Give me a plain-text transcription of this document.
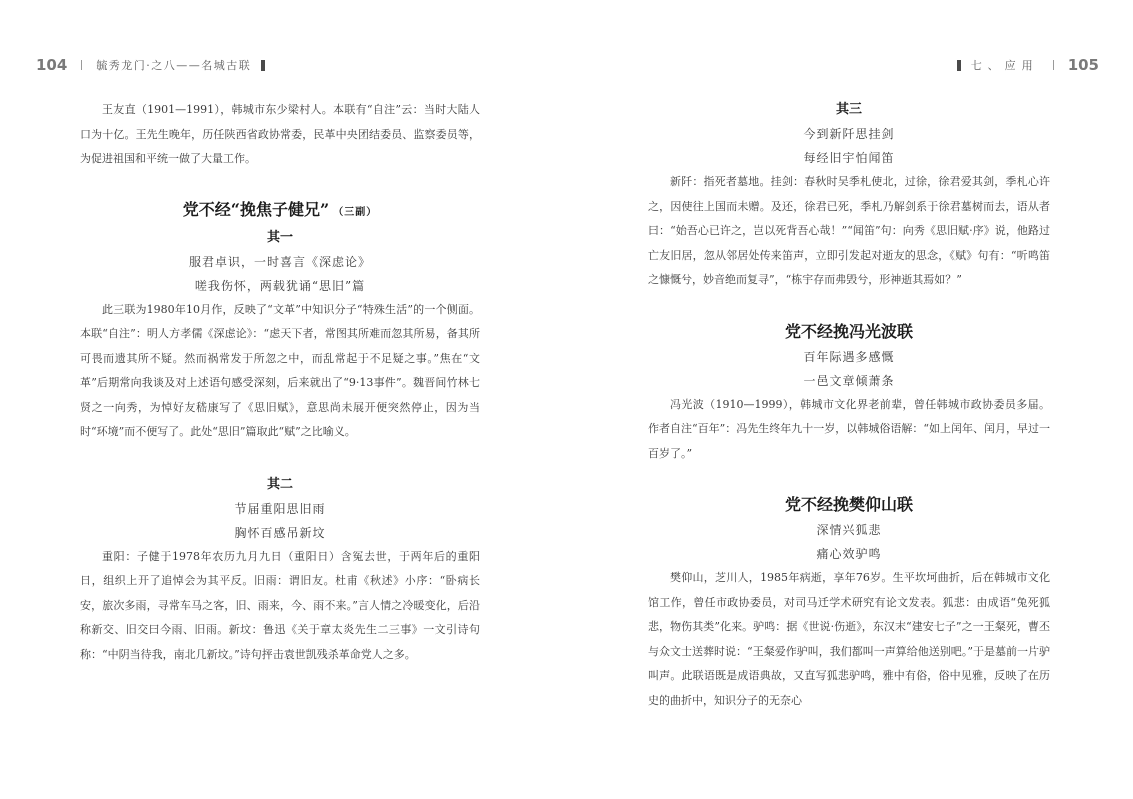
104	毓秀龙门·之八——名城古联

王友直（1901—1991），韩城市东少梁村人。本联有“自注”云：当时大陆人口为十亿。王先生晚年，历任陕西省政协常委，民革中央团结委员、监察委员等，为促进祖国和平统一做了大量工作。

党不经“挽焦子健兄” （三副）
其一
服君卓识，一时喜言《深虑论》
嗟我伤怀，两载犹诵“思旧”篇

此三联为1980年10月作，反映了“文革”中知识分子“特殊生活”的一个侧面。本联“自注”：明人方孝儒《深虑论》：“虑天下者，常图其所难而忽其所易，备其所可畏而遗其所不疑。然而祸常发于所忽之中，而乱常起于不足疑之事。”焦在“文革”后期常向我谈及对上述语句感受深刻，后来就出了“9·13事件”。魏晋间竹林七贤之一向秀，为悼好友嵇康写了《思旧赋》，意思尚未展开便突然停止，因为当时“环境”而不便写了。此处“思旧”篇取此“赋”之比喻义。

其二
节届重阳思旧雨
胸怀百感吊新坟

重阳：子健于1978年农历九月九日（重阳日）含冤去世，于两年后的重阳日，组织上开了追悼会为其平反。旧雨：谓旧友。杜甫《秋述》小序：“卧病长安，旅次多雨，寻常车马之客，旧、雨来，今、雨不来。”言人情之冷暖变化，后沿称新交、旧交曰今雨、旧雨。新坟：鲁迅《关于章太炎先生二三事》一文引诗句称：“中阴当待我，南北几新坟。”诗句抨击袁世凯残杀革命党人之多。

七、应用 105
其三
今到新阡思挂剑
每经旧宇怕闻笛

新阡：指死者墓地。挂剑：春秋时吴季札使北，过徐，徐君爱其剑，季札心许之，因使往上国而未赠。及还，徐君已死，季札乃解剑系于徐君墓树而去，语从者曰：“始吾心已许之，岂以死背吾心哉！”“闻笛”句：向秀《思旧赋·序》说，他路过亡友旧居，忽从邻居处传来笛声，立即引发起对逝友的思念，《赋》句有：“听鸣笛之慷慨兮，妙音绝而复寻”，“栋宇存而弗毁兮，形神逝其焉如？”

党不经挽冯光波联
百年际遇多感慨
一邑文章倾萧条

冯光波（1910—1999），韩城市文化界老前辈，曾任韩城市政协委员多届。作者自注“百年”：冯先生终年九十一岁，以韩城俗语解：“如上闰年、闰月，早过一百岁了。”

党不经挽樊仰山联
深情兴狐悲
痛心效驴鸣

樊仰山，芝川人，1985年病逝，享年76岁。生平坎坷曲折，后在韩城市文化馆工作，曾任市政协委员，对司马迁学术研究有论文发表。狐悲：由成语“兔死狐悲，物伤其类”化来。驴鸣：据《世说·伤逝》，东汉末“建安七子”之一王粲死，曹丕与众文士送葬时说：“王粲爱作驴叫，我们都叫一声算给他送别吧。”于是墓前一片驴叫声。此联语既是成语典故，又直写狐悲驴鸣，雅中有俗，俗中见雅，反映了在历史的曲折中，知识分子的无奈心
